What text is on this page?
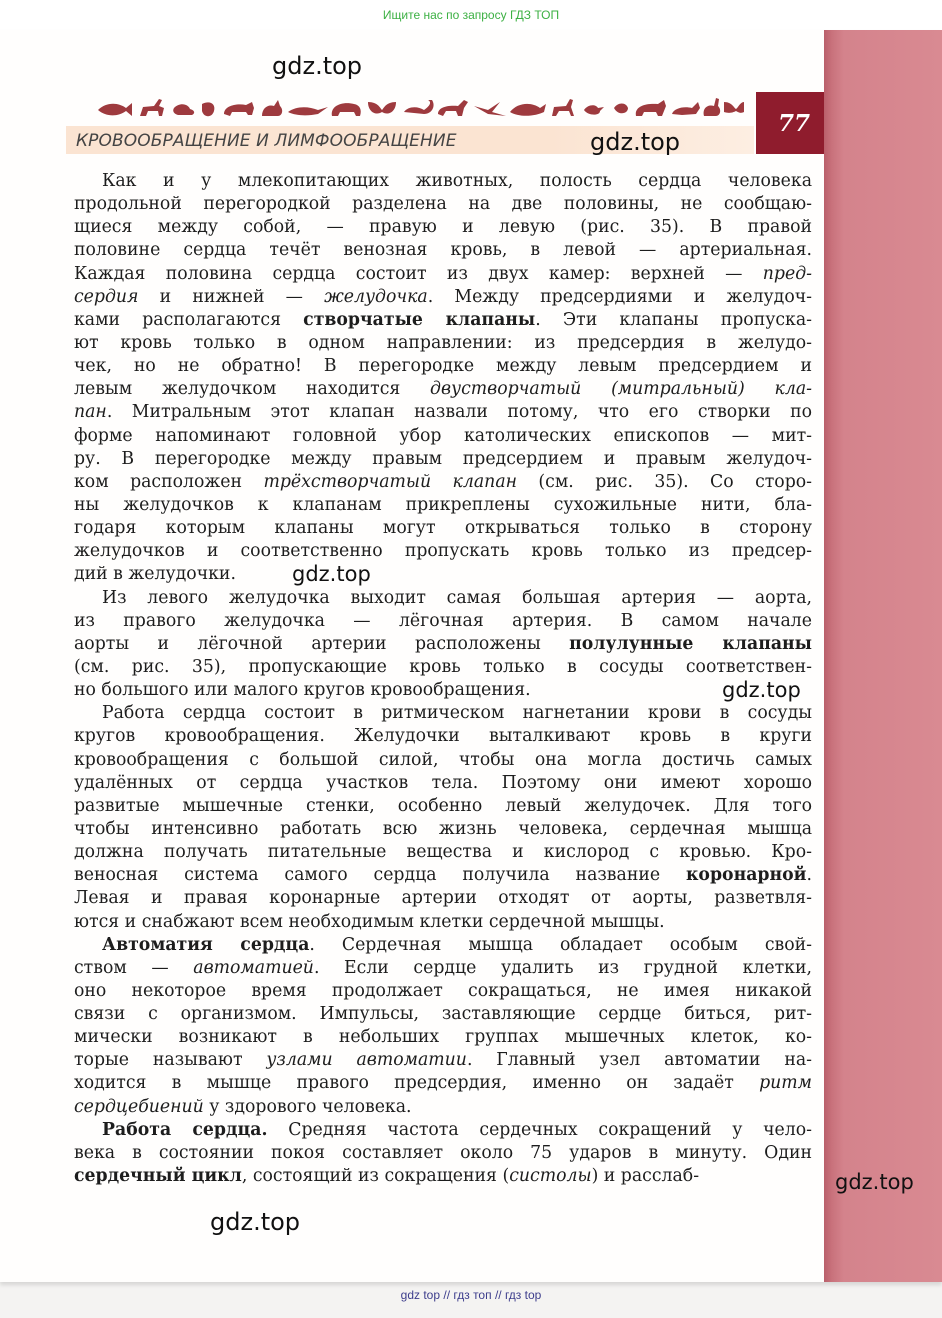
Ищите нас по запросу ГДЗ ТОП
77
КРОВООБРАЩЕНИЕ И ЛИМФООБРАЩЕНИЕ
gdz.top
gdz.top
gdz.top
gdz.top
gdz.top
gdz.top
Как и у млекопитающих животных, полость сердца человека
продольной перегородкой разделена на две половины, не сообщаю-
щиеся между собой, — правую и левую (рис. 35). В правой
половине сердца течёт венозная кровь, в левой — артериальная.
Каждая половина сердца состоит из двух камер: верхней — пред-
сердия и нижней — желудочка. Между предсердиями и желудоч-
ками располагаются створчатые клапаны. Эти клапаны пропуска-
ют кровь только в одном направлении: из предсердия в желудо-
чек, но не обратно! В перегородке между левым предсердием и
левым желудочком находится двустворчатый (митральный) кла-
пан. Митральным этот клапан назвали потому, что его створки по
форме напоминают головной убор католических епископов — мит-
ру. В перегородке между правым предсердием и правым желудоч-
ком расположен трёхстворчатый клапан (см. рис. 35). Со сторо-
ны желудочков к клапанам прикреплены сухожильные нити, бла-
годаря которым клапаны могут открываться только в сторону
желудочков и соответственно пропускать кровь только из предсер-
дий в желудочки.
Из левого желудочка выходит самая большая артерия — аорта,
из правого желудочка — лёгочная артерия. В самом начале
аорты и лёгочной артерии расположены полулунные клапаны
(см. рис. 35), пропускающие кровь только в сосуды соответствен-
но большого или малого кругов кровообращения.
Работа сердца состоит в ритмическом нагнетании крови в сосуды
кругов кровообращения. Желудочки выталкивают кровь в круги
кровообращения с большой силой, чтобы она могла достичь самых
удалённых от сердца участков тела. Поэтому они имеют хорошо
развитые мышечные стенки, особенно левый желудочек. Для того
чтобы интенсивно работать всю жизнь человека, сердечная мышца
должна получать питательные вещества и кислород с кровью. Кро-
веносная система самого сердца получила название коронарной.
Левая и правая коронарные артерии отходят от аорты, разветвля-
ются и снабжают всем необходимым клетки сердечной мышцы.
Автоматия сердца. Сердечная мышца обладает особым свой-
ством — автоматией. Если сердце удалить из грудной клетки,
оно некоторое время продолжает сокращаться, не имея никакой
связи с организмом. Импульсы, заставляющие сердце биться, рит-
мически возникают в небольших группах мышечных клеток, ко-
торые называют узлами автоматии. Главный узел автоматии на-
ходится в мышце правого предсердия, именно он задаёт ритм
сердцебиений у здорового человека.
Работа сердца. Средняя частота сердечных сокращений у чело-
века в состоянии покоя составляет около 75 ударов в минуту. Один
сердечный цикл, состоящий из сокращения (систолы) и расслаб-
gdz top // гдз топ // гдз top
